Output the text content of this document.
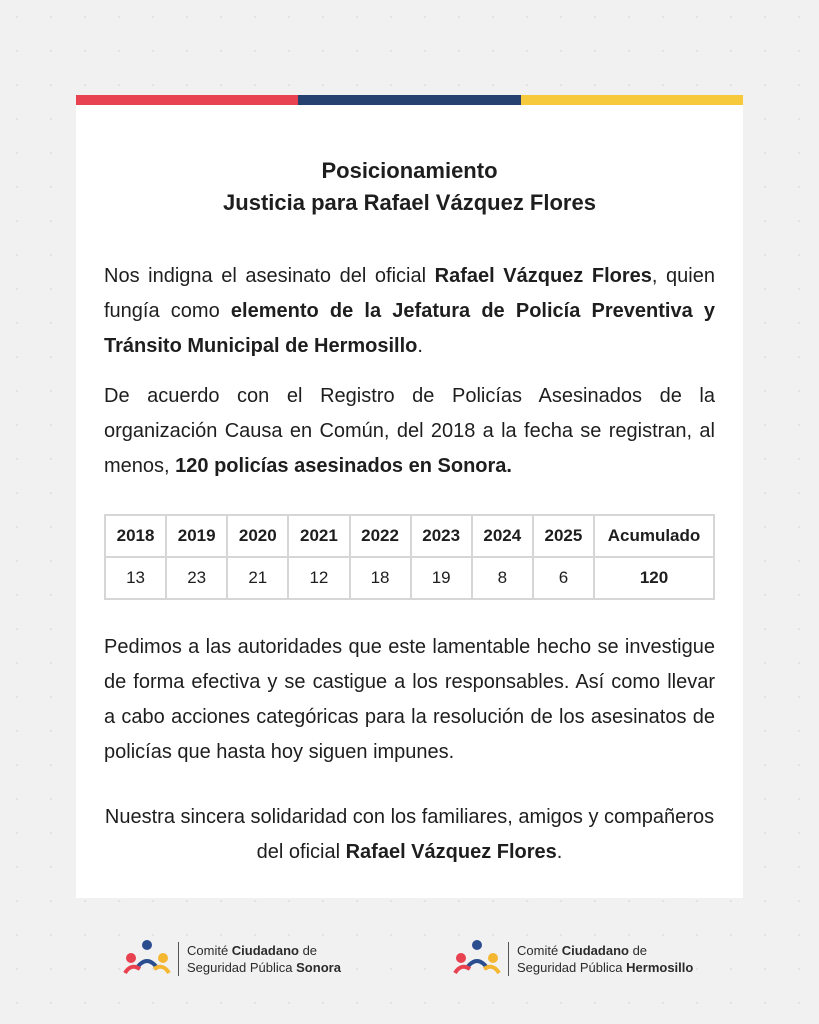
Posicionamiento
Justicia para Rafael Vázquez Flores

Nos indigna el asesinato del oficial Rafael Vázquez Flores, quien fungía como elemento de la Jefatura de Policía Preventiva y Tránsito Municipal de Hermosillo.

De acuerdo con el Registro de Policías Asesinados de la organización Causa en Común, del 2018 a la fecha se registran, al menos, 120 policías asesinados en Sonora.

2018	2019	2020	2021	2022	2023	2024	2025	Acumulado
13	23	21	12	18	19	8	6	120

Pedimos a las autoridades que este lamentable hecho se investigue de forma efectiva y se castigue a los responsables. Así como llevar a cabo acciones categóricas para la resolución de los asesinatos de policías que hasta hoy siguen impunes.

Nuestra sincera solidaridad con los familiares, amigos y compañeros del oficial Rafael Vázquez Flores.

Comité Ciudadano de
Seguridad Pública Sonora
Comité Ciudadano de
Seguridad Pública Hermosillo
